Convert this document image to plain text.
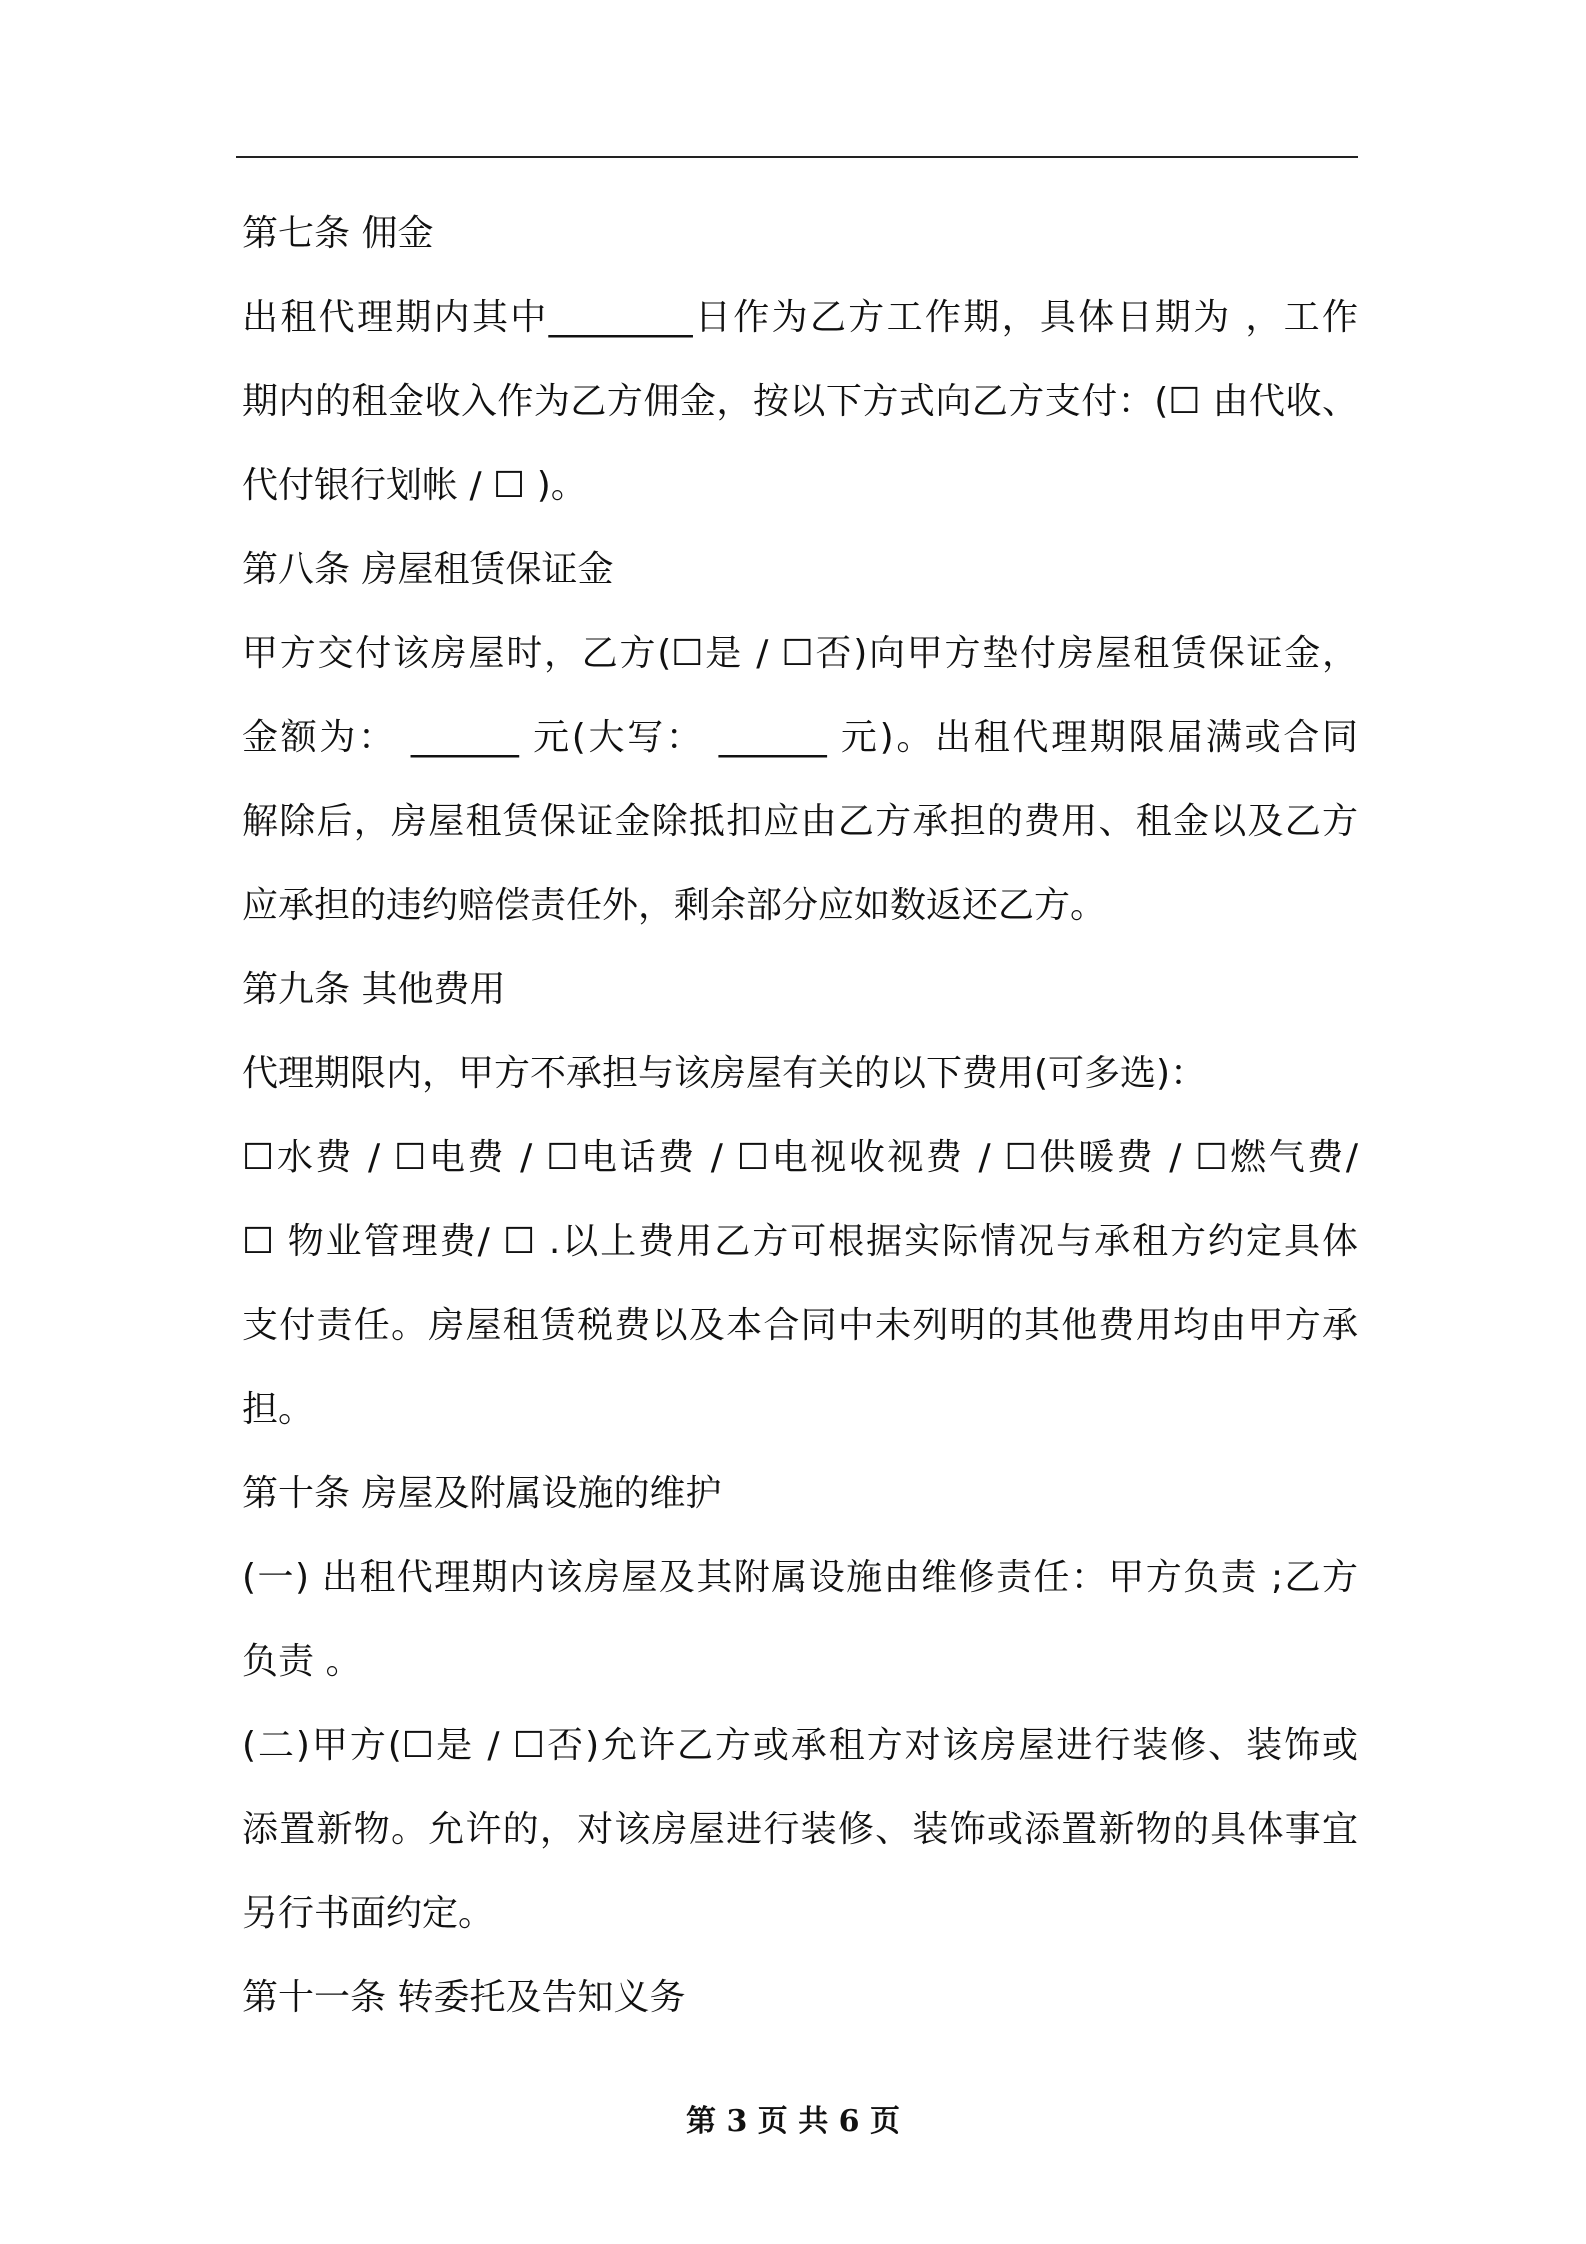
第七条 佣金
出租代理期内其中________日作为乙方工作期，具体日期为 ，工作
期内的租金收入作为乙方佣金，按以下方式向乙方支付：(☐ 由代收、
代付银行划帐 / ☐ )。
第八条 房屋租赁保证金
甲方交付该房屋时，乙方(☐是 / ☐否)向甲方垫付房屋租赁保证金，
金额为： ______ 元(大写： ______ 元)。出租代理期限届满或合同
解除后，房屋租赁保证金除抵扣应由乙方承担的费用、租金以及乙方
应承担的违约赔偿责任外，剩余部分应如数返还乙方。
第九条 其他费用
代理期限内，甲方不承担与该房屋有关的以下费用(可多选)：
☐水费 / ☐电费 / ☐电话费 / ☐电视收视费 / ☐供暖费 / ☐燃气费/
☐ 物业管理费/ ☐ .以上费用乙方可根据实际情况与承租方约定具体
支付责任。房屋租赁税费以及本合同中未列明的其他费用均由甲方承
担。
第十条 房屋及附属设施的维护
(一) 出租代理期内该房屋及其附属设施由维修责任：甲方负责 ;乙方
负责 。
(二)甲方(☐是 / ☐否)允许乙方或承租方对该房屋进行装修、装饰或
添置新物。允许的，对该房屋进行装修、装饰或添置新物的具体事宜
另行书面约定。
第十一条 转委托及告知义务
第 3 页 共 6 页
